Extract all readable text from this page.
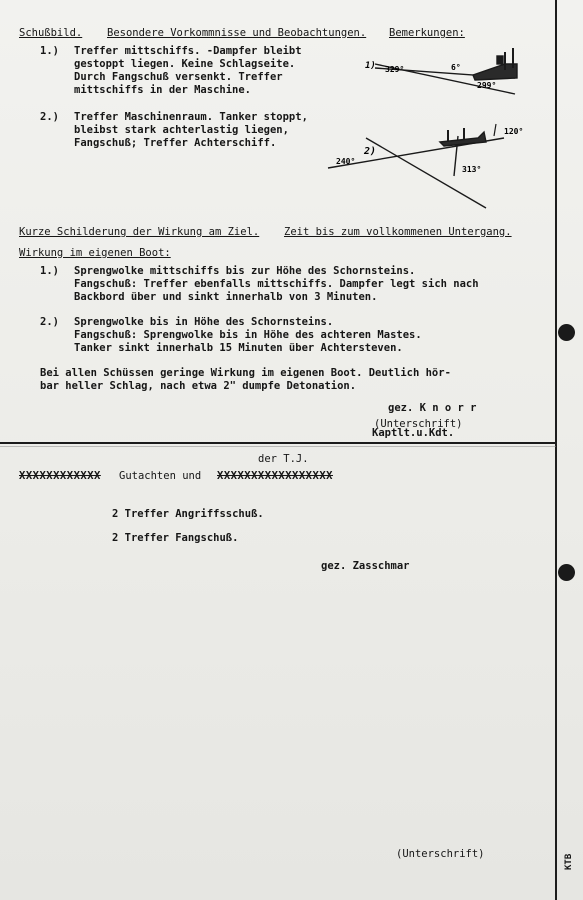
Schußbild. Besondere Vorkommnisse und Beobachtungen. Bemerkungen:
1.) Treffer mittschiffs. -Dampfer bleibt
gestoppt liegen. Keine Schlagseite.
Durch Fangschuß versenkt. Treffer
mittschiffs in der Maschine.
2.) Treffer Maschinenraum. Tanker stoppt,
bleibst stark achterlastig liegen,
Fangschuß; Treffer Achterschiff.
1) 329°	6°
299°
240°
2)
120°
313°
Kurze Schilderung der Wirkung am Ziel. Zeit bis zum vollkommenen Untergang.
Wirkung im eigenen Boot:
1.) Sprengwolke mittschiffs bis zur Höhe des Schornsteins.
Fangschuß: Treffer ebenfalls mittschiffs. Dampfer legt sich nach
Backbord über und sinkt innerhalb von 3 Minuten.
2.) Sprengwolke bis in Höhe des Schornsteins.
Fangschuß: Sprengwolke bis in Höhe des achteren Mastes.
Tanker sinkt innerhalb 15 Minuten über Achtersteven.
Bei allen Schüssen geringe Wirkung im eigenen Boot. Deutlich hör-
bar heller Schlag, nach etwa 2" dumpfe Detonation.
gez. K n o r r
(Unterschrift)
Kaptlt.u.Kdt.
der T.J.
XXXXXXXXXXXX Gutachten und XXXXXXXXXXXXXXXXX
2 Treffer Angriffsschuß.
2 Treffer Fangschuß.
gez. Zasschmar
(Unterschrift)	KTB
